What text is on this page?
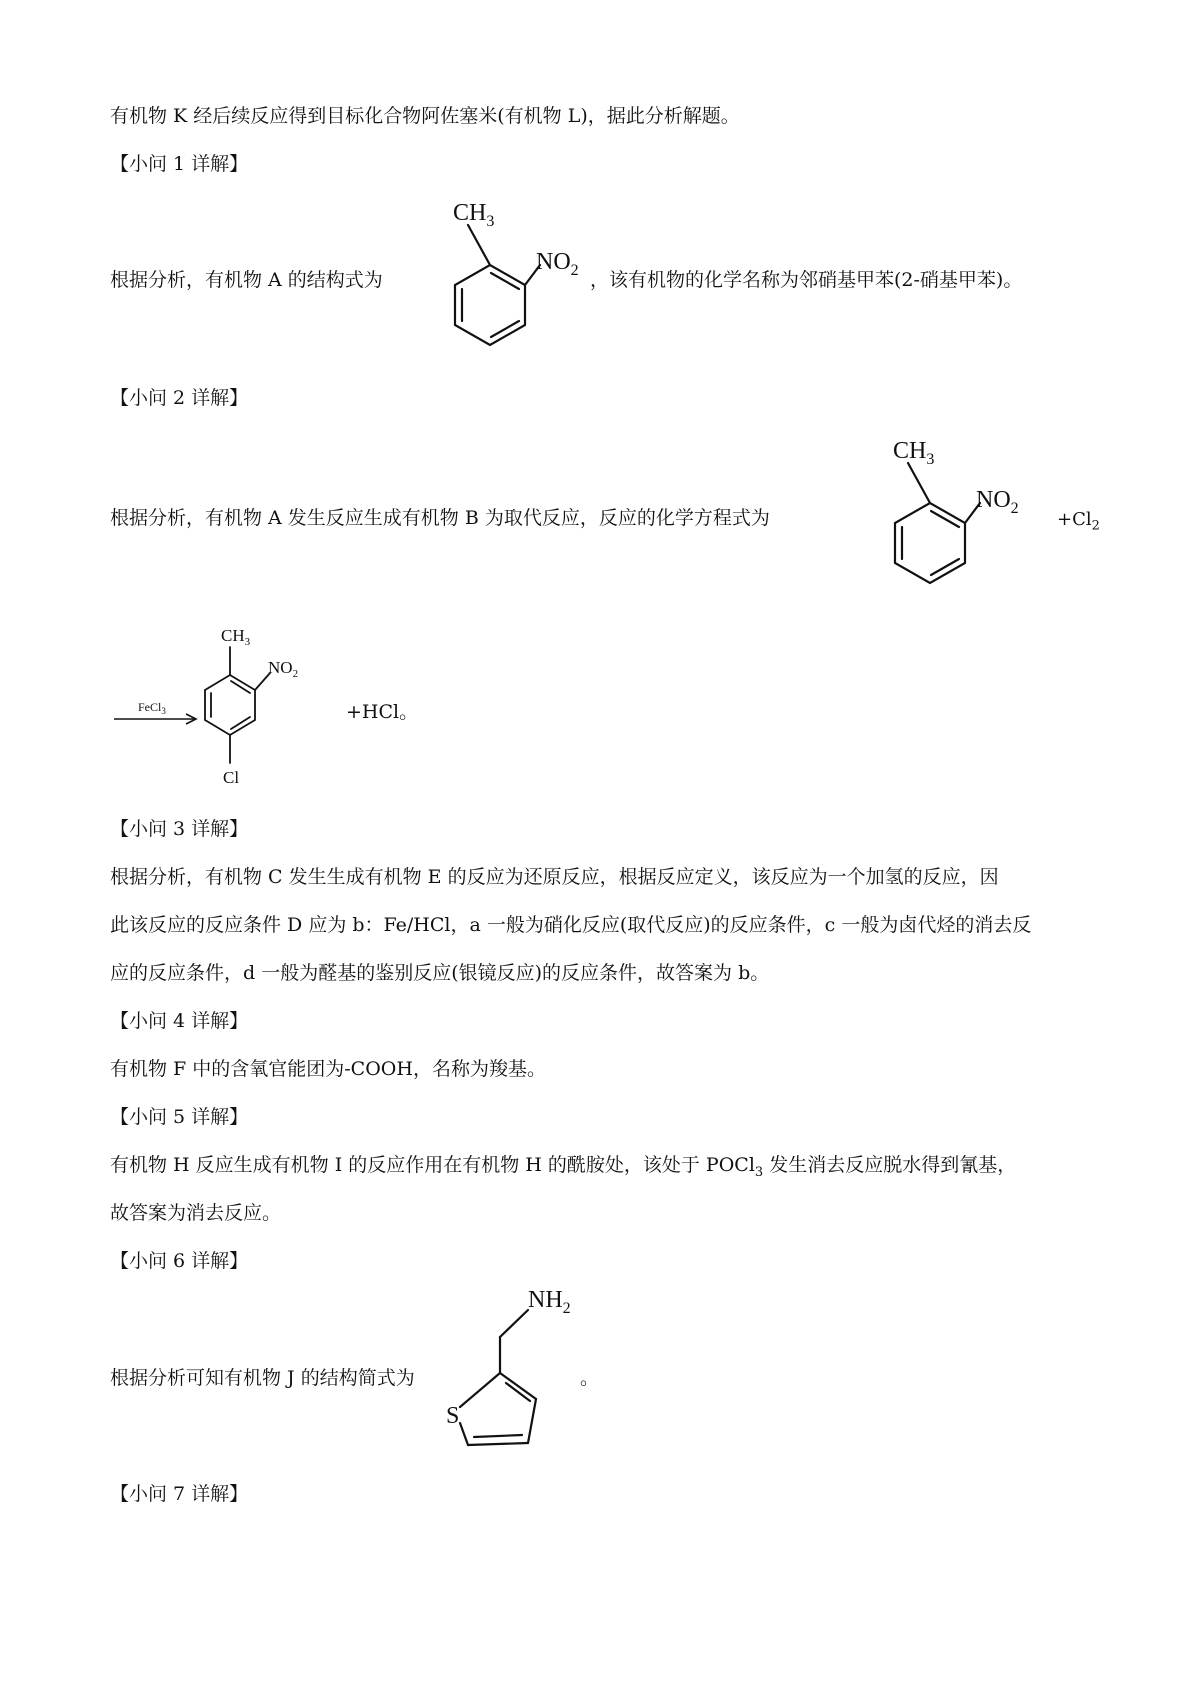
有机物 K 经后续反应得到目标化合物阿佐塞米(有机物 L)，据此分析解题。
【小问 1 详解】
根据分析，有机物 A 的结构式为
$CH_3$
$NO_2$ ，该有机物的化学名称为邻硝基甲苯(2-硝基甲苯)。
【小问 2 详解】
根据分析，有机物 A 发生反应生成有机物 B 为取代反应，反应的化学方程式为
$CH_3$
$NO_2$
$+Cl_2$
FeCl$_3$
$CH_3$
$NO_2$
Cl
+HCl。
【小问 3 详解】
根据分析，有机物 C 发生生成有机物 E 的反应为还原反应，根据反应定义，该反应为一个加氢的反应，因
此该反应的反应条件 D 应为 b：Fe/HCl，a 一般为硝化反应(取代反应)的反应条件，c 一般为卤代烃的消去反
应的反应条件，d 一般为醛基的鉴别反应(银镜反应)的反应条件，故答案为 b。
【小问 4 详解】
有机物 F 中的含氧官能团为-COOH，名称为羧基。
【小问 5 详解】
有机物 H 反应生成有机物 I 的反应作用在有机物 H 的酰胺处，该处于 POCl$_3$ 发生消去反应脱水得到氰基，
故答案为消去反应。
【小问 6 详解】
根据分析可知有机物 J 的结构简式为
S
$NH_2$
。
【小问 7 详解】
